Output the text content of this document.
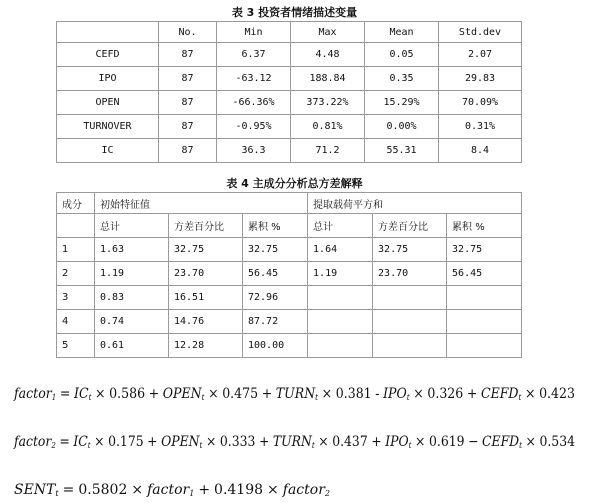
表 3 投资者情绪描述变量
	No.	Min	Max	Mean	Std.dev
CEFD	87	6.37	4.48	0.05	2.07
IPO	87	-63.12	188.84	0.35	29.83
OPEN	87	-66.36%	373.22%	15.29%	70.09%
TURNOVER	87	-0.95%	0.81%	0.00%	0.31%
IC	87	36.3	71.2	55.31	8.4
表 4 主成分分析总方差解释
成分	初始特征值			提取载荷平方和		
	总计	方差百分比	累积 %	总计	方差百分比	累积 %
1	1.63	32.75	32.75	1.64	32.75	32.75
2	1.19	23.70	56.45	1.19	23.70	56.45
3	0.83	16.51	72.96			
4	0.74	14.76	87.72			
5	0.61	12.28	100.00			
factor$_1$ = $IC_t \times 0.586$ + $OPEN_t \times 0.475$ + $TURN_t \times 0.381 - IPO_t \times 0.326$ + $CEFD_t \times 0.423$
factor$_2$ = $IC_t \times 0.175$ + $OPEN_t \times 0.333$ + $TURN_t \times 0.437 + IPO_t \times 0.619$ − $CEFD_t \times 0.534$
$SENT_t = 0.5802$ × factor$_1$ + 0.4198 × factor$_2$
